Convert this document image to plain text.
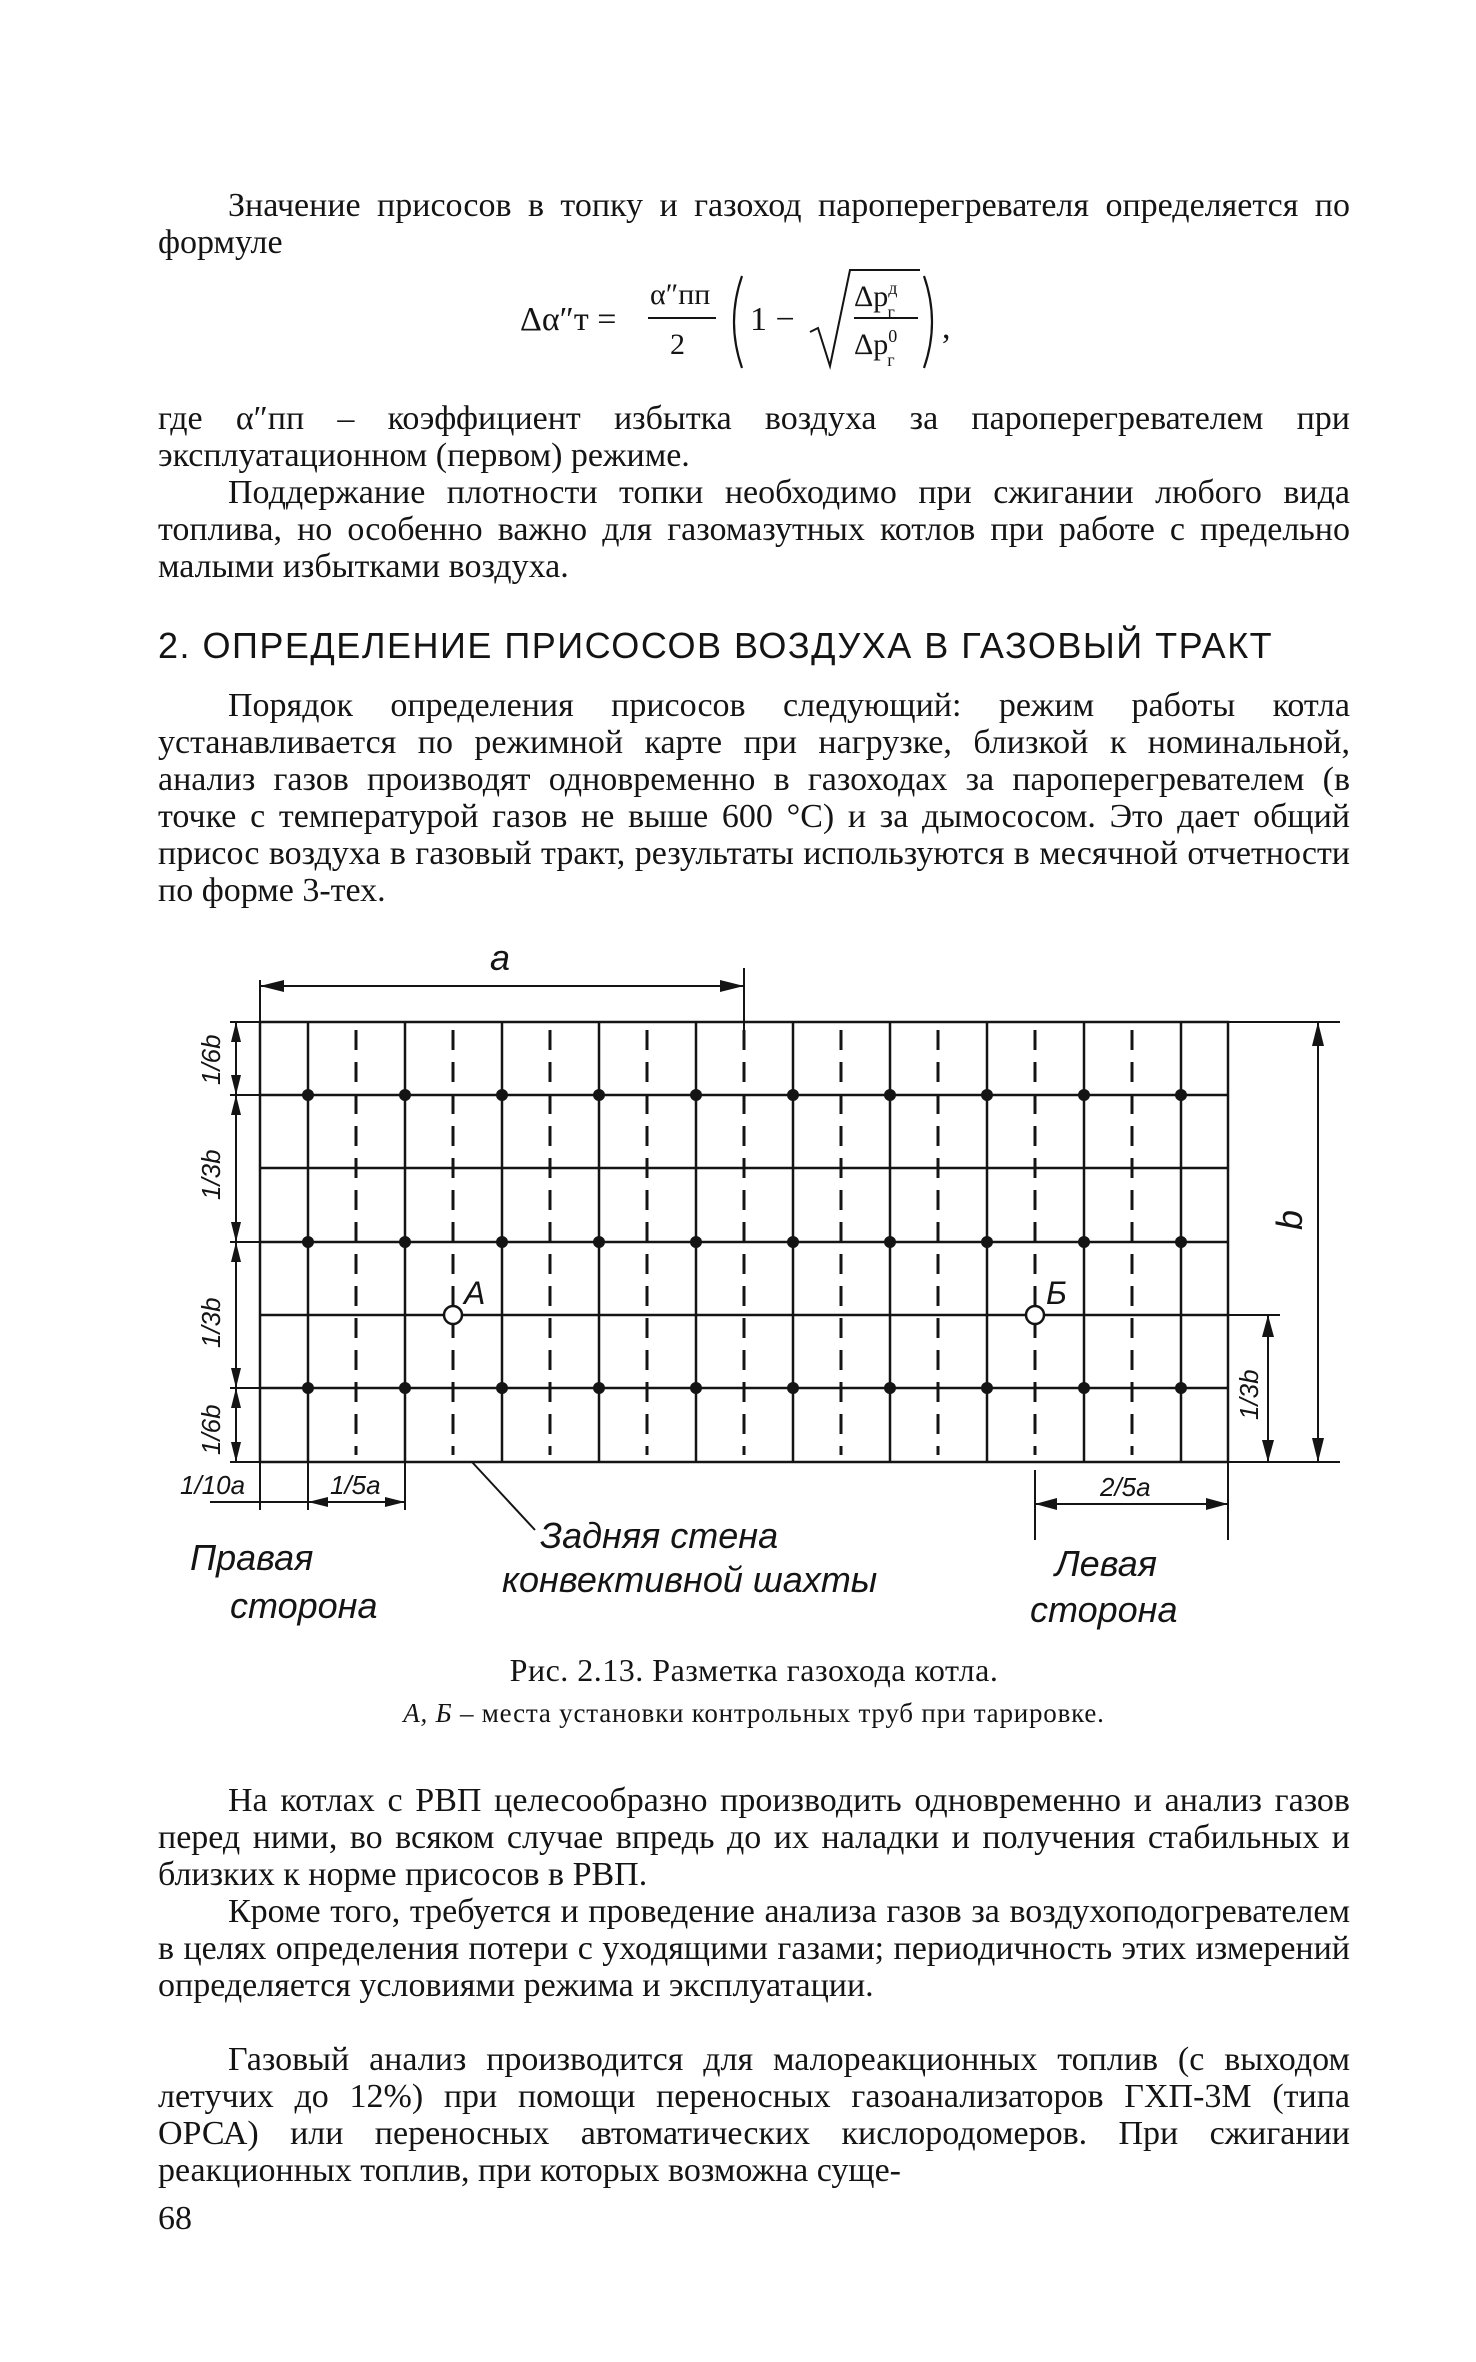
Значение присосов в топку и газоход пароперегревателя определяется по формуле

Δα″т =
α″пп
2
1 −
$\Delta p^д$ г
$\Delta p^0$ г
,

где α″пп – коэффициент избытка воздуха за пароперегревателем при эксплуатационном (первом) режиме.

Поддержание плотности топки необходимо при сжигании любого вида топлива, но особенно важно для газомазутных котлов при работе с предельно малыми избытками воздуха.

2. ОПРЕДЕЛЕНИЕ ПРИСОСОВ ВОЗДУХА В ГАЗОВЫЙ ТРАКТ

Порядок определения присосов следующий: режим работы котла устанавливается по режимной карте при нагрузке, близкой к номинальной, анализ газов производят одновременно в газоходах за пароперегревателем (в точке с температурой газов не выше 600 °С) и за дымососом. Это дает общий присос воздуха в газовый тракт, результаты используются в месячной отчетности по форме 3-тех.

А	Б
a
1/6b
1/3b
1/3b
1/6b
b
1/3b
1/10a	1/5a	2/5a
Правая
сторона
Задняя стена
конвективной шахты	Левая
сторона

Рис. 2.13. Разметка газохода котла.

А, Б – места установки контрольных труб при тарировке.

На котлах с РВП целесообразно производить одновременно и анализ газов перед ними, во всяком случае впредь до их наладки и получения стабильных и близких к норме присосов в РВП.

Кроме того, требуется и проведение анализа газов за воздухоподогревателем в целях определения потери с уходящими газами; периодичность этих измерений определяется условиями режима и эксплуатации.

Газовый анализ производится для малореакционных топлив (с выходом летучих до 12%) при помощи переносных газоанализаторов ГХП-3М (типа ОРСА) или переносных автоматических кислородомеров. При сжигании реакционных топлив, при которых возможна суще-

68
